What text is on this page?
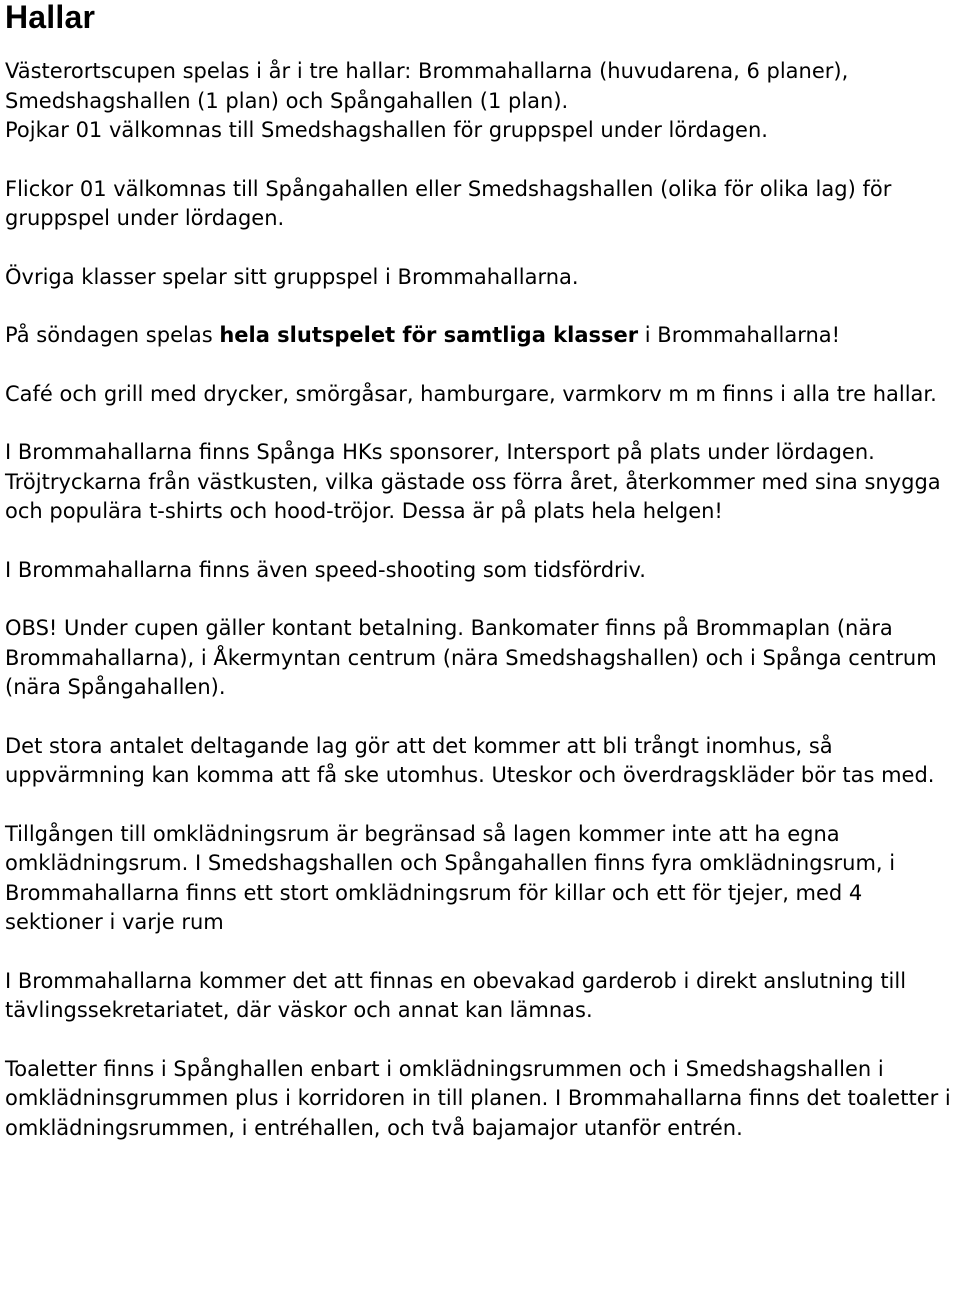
Hallar

Västerortscupen spelas i år i tre hallar: Brommahallarna (huvudarena, 6 planer), Smedshagshallen (1 plan) och Spångahallen (1 plan).

Pojkar 01 välkomnas till Smedshagshallen för gruppspel under lördagen.

Flickor 01 välkomnas till Spångahallen eller Smedshagshallen (olika för olika lag) för gruppspel under lördagen.

Övriga klasser spelar sitt gruppspel i Brommahallarna.

På söndagen spelas hela slutspelet för samtliga klasser i Brommahallarna!

Café och grill med drycker, smörgåsar, hamburgare, varmkorv m m finns i alla tre hallar.

I Brommahallarna finns Spånga HKs sponsorer, Intersport på plats under lördagen. Tröjtryckarna från västkusten, vilka gästade oss förra året, återkommer med sina snygga och populära t-shirts och hood-tröjor. Dessa är på plats hela helgen!

I Brommahallarna finns även speed-shooting som tidsfördriv.

OBS! Under cupen gäller kontant betalning. Bankomater finns på Brommaplan (nära Brommahallarna), i Åkermyntan centrum (nära Smedshagshallen) och i Spånga centrum (nära Spångahallen).

Det stora antalet deltagande lag gör att det kommer att bli trångt inomhus, så uppvärmning kan komma att få ske utomhus. Uteskor och överdragskläder bör tas med.

Tillgången till omklädningsrum är begränsad så lagen kommer inte att ha egna omklädningsrum. I Smedshagshallen och Spångahallen finns fyra omklädningsrum, i Brommahallarna finns ett stort omklädningsrum för killar och ett för tjejer, med 4 sektioner i varje rum

I Brommahallarna kommer det att finnas en obevakad garderob i direkt anslutning till tävlingssekretariatet, där väskor och annat kan lämnas.

Toaletter finns i Spånghallen enbart i omklädningsrummen och i Smedshagshallen i omklädninsgrummen plus i korridoren in till planen. I Brommahallarna finns det toaletter i omklädningsrummen, i entréhallen, och två bajamajor utanför entrén.
